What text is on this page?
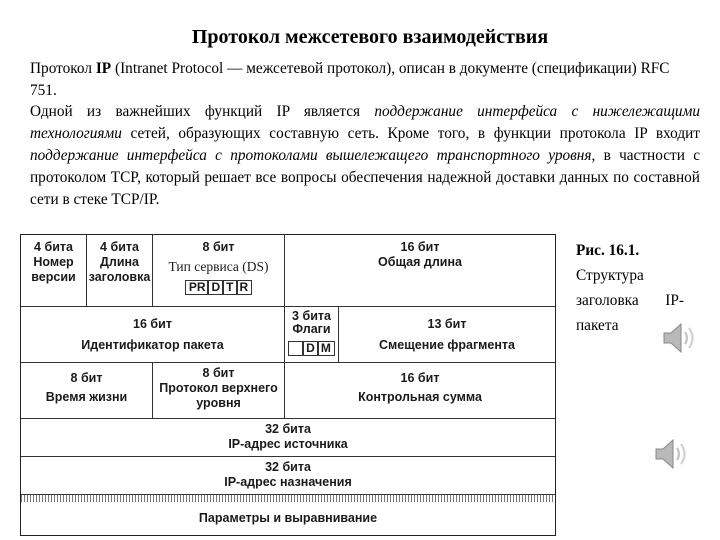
Протокол межсетевого взаимодействия
Протокол IP (Intranet Protocol — межсетевой протокол), описан в документе (спецификации) RFC 751.
Одной из важнейших функций IP является поддержание интерфейса с нижележащими технологиями сетей, образующих составную сеть. Кроме того, в функции протокола IP входит поддержание интерфейса с протоколами вышележащего транспортного уровня, в частности с протоколом TCP, который решает все вопросы обеспечения надежной доставки данных по составной сети в стеке TCP/IP.
4 бита
Номер
версии
4 бита
Длина
заголовка
8 бит
Тип сервиса (DS)
PR D T R
16 бит
Общая длина
16 бит
Идентификатор пакета
3 бита
Флаги
D M
13 бит
Смещение фрагмента
8 бит
Время жизни
8 бит
Протокол верхнего
уровня
16 бит
Контрольная сумма
32 бита
IP-адрес источника
32 бита
IP-адрес назначения
Параметры и выравнивание
Рис. 16.1.
Структура заголовка IP-пакета
